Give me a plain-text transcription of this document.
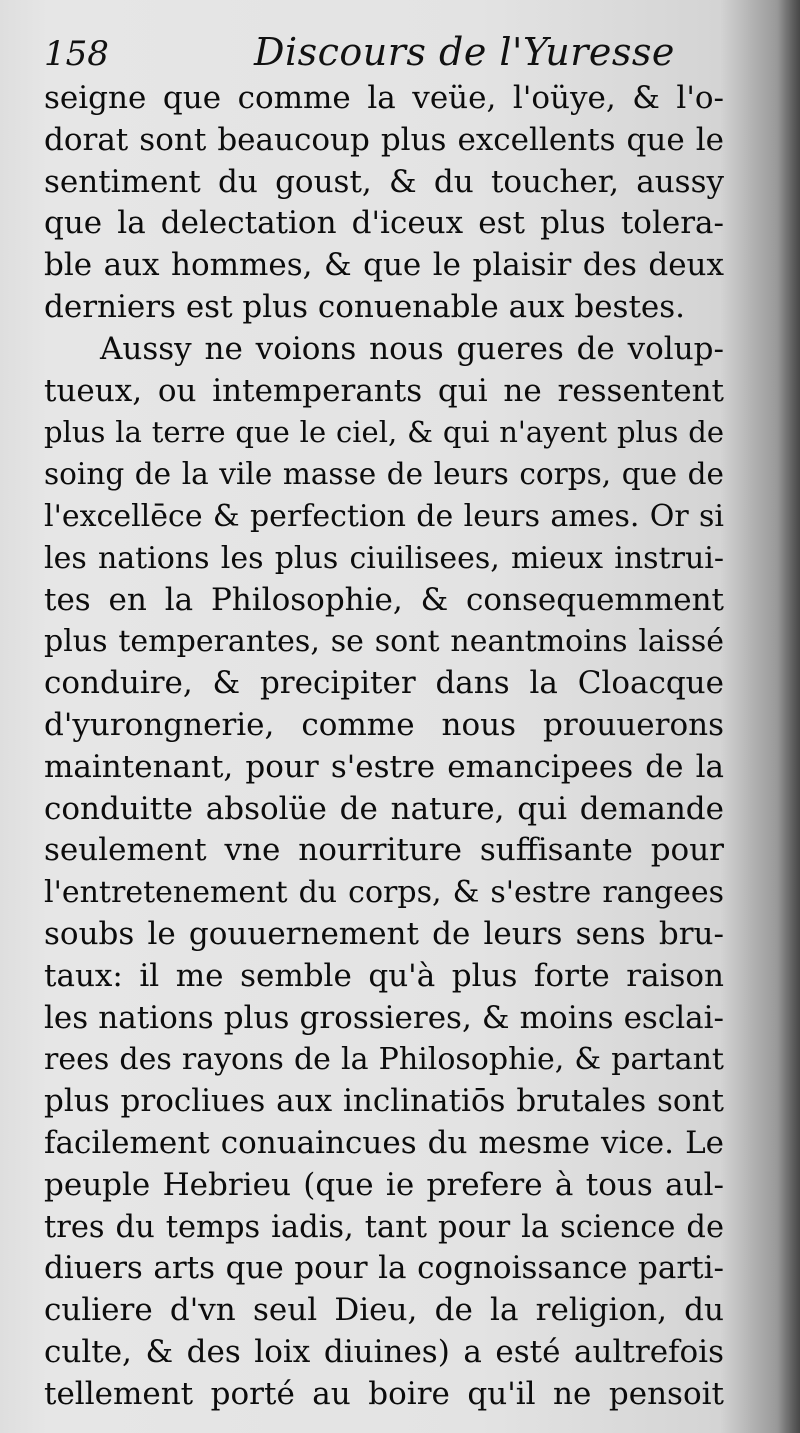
158	Discours de l'Yuresse
seigne que comme la veüe, l'oüye, & l'o-
dorat sont beaucoup plus excellents que le
sentiment du goust, & du toucher, aussy
que la delectation d'iceux est plus tolera-
ble aux hommes, & que le plaisir des deux
derniers est plus conuenable aux bestes.
Aussy ne voions nous gueres de volup-
tueux, ou intemperants qui ne ressentent
plus la terre que le ciel, & qui n'ayent plus de
soing de la vile masse de leurs corps, que de
l'excellēce & perfection de leurs ames. Or si
les nations les plus ciuilisees, mieux instrui-
tes en la Philosophie, & consequemment
plus temperantes, se sont neantmoins laissé
conduire, & precipiter dans la Cloacque
d'yurongnerie, comme nous prouuerons
maintenant, pour s'estre emancipees de la
conduitte absolüe de nature, qui demande
seulement vne nourriture suffisante pour
l'entretenement du corps, & s'estre rangees
soubs le gouuernement de leurs sens bru-
taux: il me semble qu'à plus forte raison
les nations plus grossieres, & moins esclai-
rees des rayons de la Philosophie, & partant
plus procliues aux inclinatiōs brutales sont
facilement conuaincues du mesme vice. Le
peuple Hebrieu (que ie prefere à tous aul-
tres du temps iadis, tant pour la science de
diuers arts que pour la cognoissance parti-
culiere d'vn seul Dieu, de la religion, du
culte, & des loix diuines) a esté aultrefois
tellement porté au boire qu'il ne pensoit
